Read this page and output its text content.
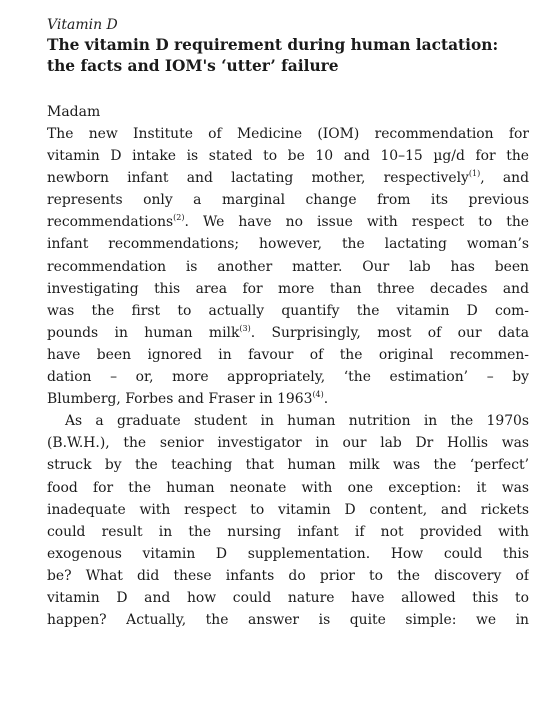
Vitamin D
The vitamin D requirement during human lactation:
the facts and IOM's ‘utter’ failure
Madam
The new Institute of Medicine (IOM) recommendation for
vitamin D intake is stated to be 10 and 10–15 µg/d for the
newborn infant and lactating mother, respectively$^{(1)}$, and
represents only a marginal change from its previous
recommendations$^{(2)}$. We have no issue with respect to the
infant recommendations; however, the lactating woman’s
recommendation is another matter. Our lab has been
investigating this area for more than three decades and
was the first to actually quantify the vitamin D com-
pounds in human milk$^{(3)}$. Surprisingly, most of our data
have been ignored in favour of the original recommen-
dation – or, more appropriately, ‘the estimation’ – by
Blumberg, Forbes and Fraser in 1963$^{(4)}$.
As a graduate student in human nutrition in the 1970s
(B.W.H.), the senior investigator in our lab Dr Hollis was
struck by the teaching that human milk was the ‘perfect’
food for the human neonate with one exception: it was
inadequate with respect to vitamin D content, and rickets
could result in the nursing infant if not provided with
exogenous vitamin D supplementation. How could this
be? What did these infants do prior to the discovery of
vitamin D and how could nature have allowed this to
happen? Actually, the answer is quite simple: we in
